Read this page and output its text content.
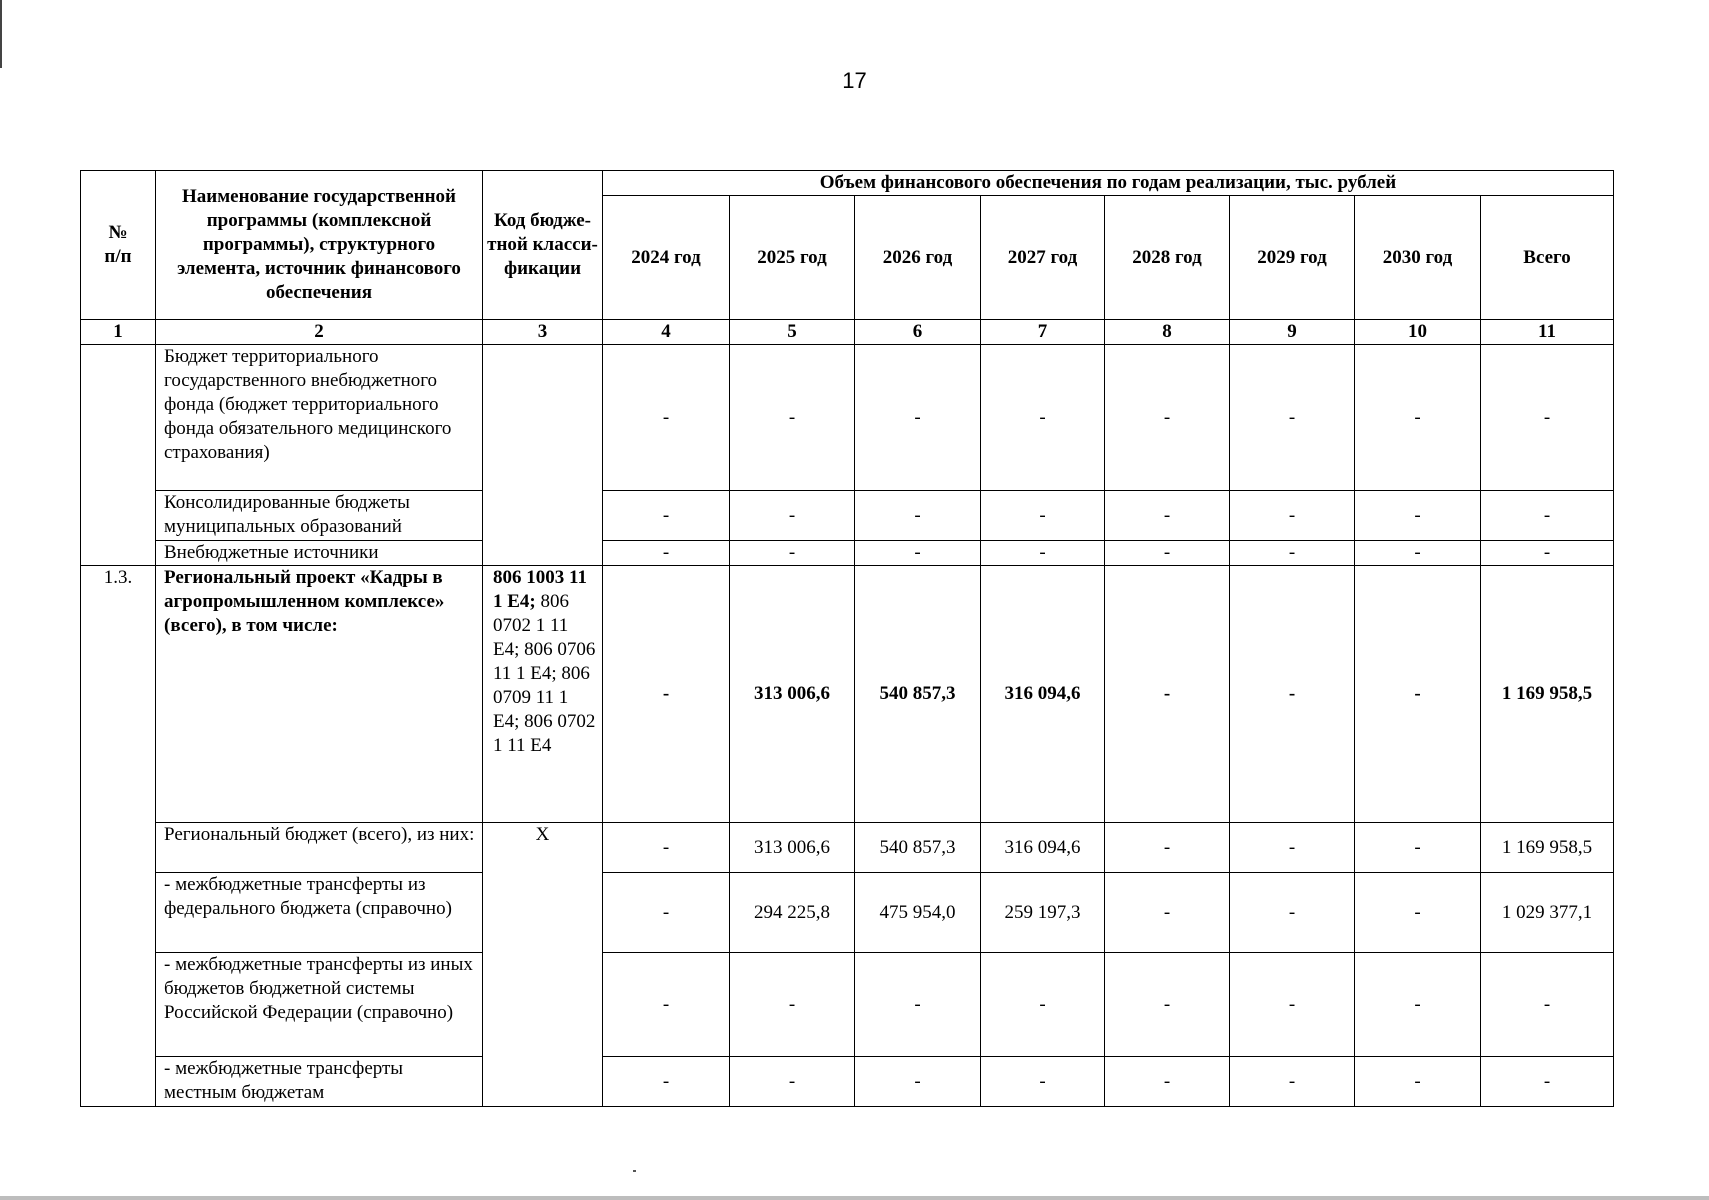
17
№
п/п	Наименование государственной программы (комплексной программы), структурного элемента, источник финансового обеспечения	Код бюдже-тной класси-фикации	Объем финансового обеспечения по годам реализации, тыс. рублей							
			2024 год	2025 год	2026 год	2027 год	2028 год	2029 год	2030 год	Всего
1	2	3	4	5	6	7	8	9	10	11
	Бюджет территориального государственного внебюджетного фонда (бюджет территориального фонда обязательного медицинского страхования)		-	-	-	-	-	-	-	-
	Консолидированные бюджеты муниципальных образований		-	-	-	-	-	-	-	-
	Внебюджетные источники		-	-	-	-	-	-	-	-
1.3.	Региональный проект «Кадры в агропромышленном комплексе» (всего), в том числе:	806 1003 11 1 E4; 806 0702 1 11 E4; 806 0706 11 1 E4; 806 0709 11 1 E4; 806 0702 1 11 E4	-	313 006,6	540 857,3	316 094,6	-	-	-	1 169 958,5
	Региональный бюджет (всего), из них:	X	-	313 006,6	540 857,3	316 094,6	-	-	-	1 169 958,5
	- межбюджетные трансферты из федерального бюджета (справочно)		-	294 225,8	475 954,0	259 197,3	-	-	-	1 029 377,1
	- межбюджетные трансферты из иных бюджетов бюджетной системы Российской Федерации (справочно)		-	-	-	-	-	-	-	-
	- межбюджетные трансферты местным бюджетам		-	-	-	-	-	-	-	-
